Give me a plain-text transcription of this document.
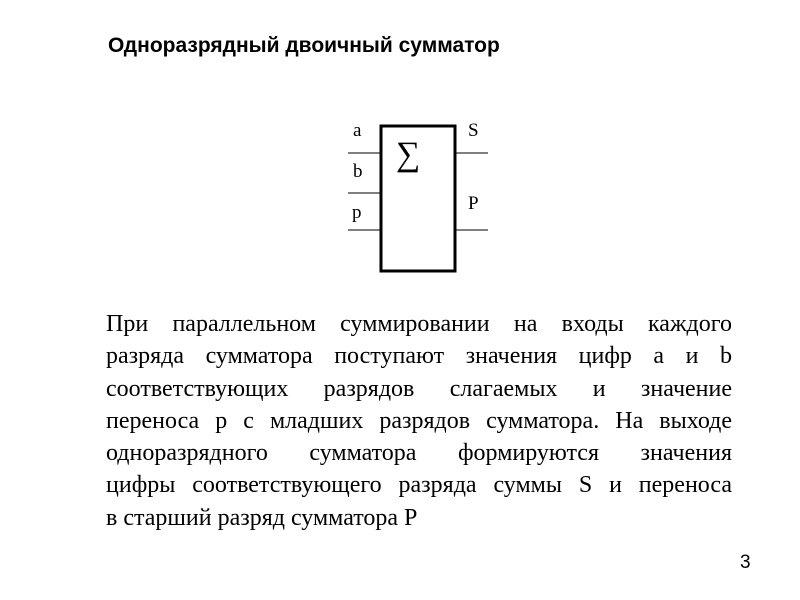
Одноразрядный двоичный сумматор
∑
a
b
p
S
P

При параллельном суммировании на входы каждого
разряда сумматора поступают значения цифр a и b
соответствующих разрядов слагаемых и значение
переноса p с младших разрядов сумматора. На выходе
одноразрядного сумматора формируются значения
цифры соответствующего разряда суммы S и переноса
в старший разряд сумматора P

3
